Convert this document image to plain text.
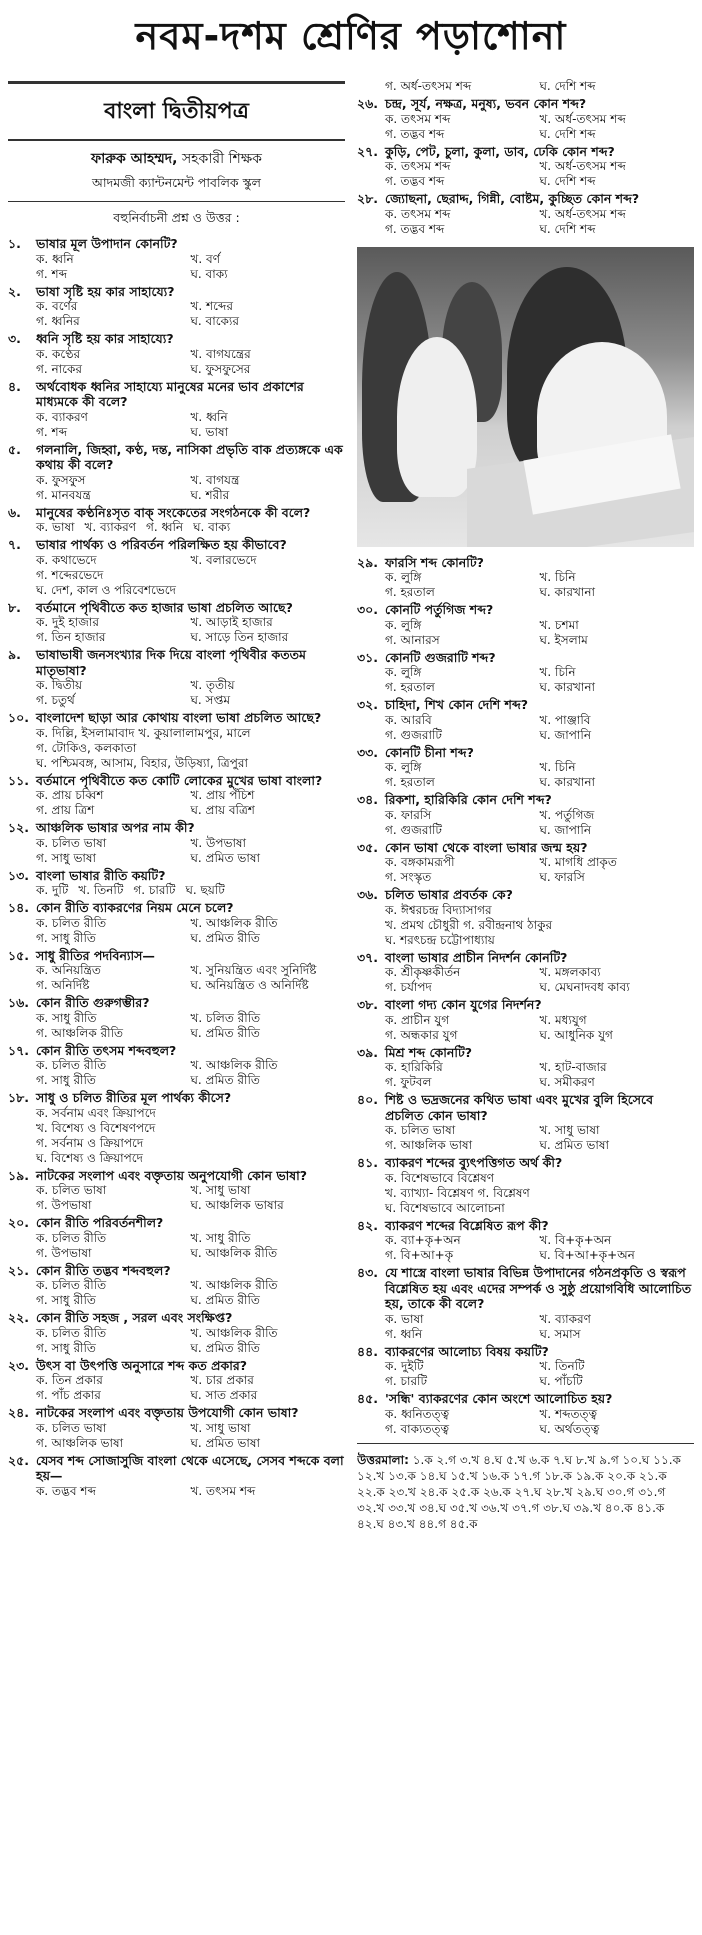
নবম-দশম শ্রেণির পড়াশোনা
বাংলা দ্বিতীয়পত্র
ফারুক আহম্মদ, সহকারী শিক্ষক
আদমজী ক্যান্টনমেন্ট পাবলিক স্কুল
বহুনির্বাচনী প্রশ্ন ও উত্তর :
১.	ভাষার মূল উপাদান কোনটি?
ক. ধ্বনি	খ. বর্ণ
গ. শব্দ	ঘ. বাক্য
২.	ভাষা সৃষ্টি হয় কার সাহায্যে?
ক. বর্ণের	খ. শব্দের
গ. ধ্বনির	ঘ. বাক্যের
৩.	ধ্বনি সৃষ্টি হয় কার সাহায্যে?
ক. কণ্ঠের	খ. বাগযন্ত্রের
গ. নাকের	ঘ. ফুসফুসের
৪.	অর্থবোধক ধ্বনির সাহায্যে মানুষের মনের ভাব প্রকাশের মাধ্যমকে কী বলে?
ক. ব্যাকরণ	খ. ধ্বনি
গ. শব্দ	ঘ. ভাষা
৫.	গলনালি, জিহ্বা, কণ্ঠ, দন্ত, নাসিকা প্রভৃতি বাক প্রত্যঙ্গকে এক কথায় কী বলে?
ক. ফুসফুস	খ. বাগযন্ত্র
গ. মানবযন্ত্র	ঘ. শরীর
৬.	মানুষের কণ্ঠনিঃসৃত বাক্ সংকেতের সংগঠনকে কী বলে?
ক. ভাষা খ. ব্যাকরণ গ. ধ্বনি ঘ. বাক্য
৭.	ভাষার পার্থক্য ও পরিবর্তন পরিলক্ষিত হয় কীভাবে?
ক. কথাভেদে	খ. বলারভেদে
গ. শব্দেরভেদে
ঘ. দেশ, কাল ও পরিবেশভেদে
৮.	বর্তমানে পৃথিবীতে কত হাজার ভাষা প্রচলিত আছে?
ক. দুই হাজার	খ. আড়াই হাজার
গ. তিন হাজার	ঘ. সাড়ে তিন হাজার
৯.	ভাষাভাষী জনসংখ্যার দিক দিয়ে বাংলা পৃথিবীর কততম মাতৃভাষা?
ক. দ্বিতীয়	খ. তৃতীয়
গ. চতুর্থ	ঘ. সপ্তম
১০. বাংলাদেশ ছাড়া আর কোথায় বাংলা ভাষা প্রচলিত আছে?
ক. দিল্লি, ইসলামাবাদ খ. কুয়ালালামপুর, মালে
গ. টোকিও, কলকাতা
ঘ. পশ্চিমবঙ্গ, আসাম, বিহার, উড়িষ্যা, ত্রিপুরা
১১. বর্তমানে পৃথিবীতে কত কোটি লোকের মুখের ভাষা বাংলা?
ক. প্রায় চব্বিশ	খ. প্রায় পঁচিশ
গ. প্রায় ত্রিশ	ঘ. প্রায় বত্রিশ
১২. আঞ্চলিক ভাষার অপর নাম কী?
ক. চলিত ভাষা	খ. উপভাষা
গ. সাধু ভাষা	ঘ. প্রমিত ভাষা
১৩. বাংলা ভাষার রীতি কয়টি?
ক. দুটি খ. তিনটি গ. চারটি ঘ. ছয়টি
১৪. কোন রীতি ব্যাকরণের নিয়ম মেনে চলে?
ক. চলিত রীতি	খ. আঞ্চলিক রীতি
গ. সাধু রীতি	ঘ. প্রমিত রীতি
১৫. সাধু রীতির পদবিন্যাস—
ক. অনিয়ন্ত্রিত	খ. সুনিয়ন্ত্রিত এবং সুনির্দিষ্ট
গ. অনির্দিষ্ট	ঘ. অনিয়ন্ত্রিত ও অনির্দিষ্ট
১৬. কোন রীতি গুরুগম্ভীর?
ক. সাধু রীতি	খ. চলিত রীতি
গ. আঞ্চলিক রীতি	ঘ. প্রমিত রীতি
১৭. কোন রীতি তৎসম শব্দবহুল?
ক. চলিত রীতি	খ. আঞ্চলিক রীতি
গ. সাধু রীতি	ঘ. প্রমিত রীতি
১৮. সাধু ও চলিত রীতির মূল পার্থক্য কীসে?
ক. সর্বনাম এবং ক্রিয়াপদে
খ. বিশেষ্য ও বিশেষণপদে
গ. সর্বনাম ও ক্রিয়াপদে
ঘ. বিশেষ্য ও ক্রিয়াপদে
১৯. নাটকের সংলাপ এবং বক্তৃতায় অনুপযোগী কোন ভাষা?
ক. চলিত ভাষা	খ. সাধু ভাষা
গ. উপভাষা	ঘ. আঞ্চলিক ভাষার
২০. কোন রীতি পরিবর্তনশীল?
ক. চলিত রীতি	খ. সাধু রীতি
গ. উপভাষা	ঘ. আঞ্চলিক রীতি
২১. কোন রীতি তদ্ভব শব্দবহুল?
ক. চলিত রীতি	খ. আঞ্চলিক রীতি
গ. সাধু রীতি	ঘ. প্রমিত রীতি
২২. কোন রীতি সহজ , সরল এবং সংক্ষিপ্ত?
ক. চলিত রীতি	খ. আঞ্চলিক রীতি
গ. সাধু রীতি	ঘ. প্রমিত রীতি
২৩. উৎস বা উৎপত্তি অনুসারে শব্দ কত প্রকার?
ক. তিন প্রকার	খ. চার প্রকার
গ. পাঁচ প্রকার	ঘ. সাত প্রকার
২৪. নাটকের সংলাপ এবং বক্তৃতায় উপযোগী কোন ভাষা?
ক. চলিত ভাষা	খ. সাধু ভাষা
গ. আঞ্চলিক ভাষা	ঘ. প্রমিত ভাষা
২৫. যেসব শব্দ সোজাসুজি বাংলা থেকে এসেছে, সেসব শব্দকে বলা হয়—
ক. তদ্ভব শব্দ	খ. তৎসম শব্দ
গ. অর্ধ-তৎসম শব্দ	ঘ. দেশি শব্দ
২৬. চন্দ্র, সূর্য, নক্ষত্র, মনুষ্য, ভবন কোন শব্দ?
ক. তৎসম শব্দ	খ. অর্ধ-তৎসম শব্দ
গ. তদ্ভব শব্দ	ঘ. দেশি শব্দ
২৭. কুড়ি, পেট, চুলা, কুলা, ডাব, ঢেকি কোন শব্দ?
ক. তৎসম শব্দ	খ. অর্ধ-তৎসম শব্দ
গ. তদ্ভব শব্দ	ঘ. দেশি শব্দ
২৮. জ্যোছনা, ছেরাদ্দ, গিন্নী, বোষ্টম, কুচ্ছিত কোন শব্দ?
ক. তৎসম শব্দ	খ. অর্ধ-তৎসম শব্দ
গ. তদ্ভব শব্দ	ঘ. দেশি শব্দ
২৯. ফারসি শব্দ কোনটি?
ক. লুঙ্গি	খ. চিনি
গ. হরতাল	ঘ. কারখানা
৩০. কোনটি পর্তুগিজ শব্দ?
ক. লুঙ্গি	খ. চশমা
গ. আনারস	ঘ. ইসলাম
৩১. কোনটি গুজরাটি শব্দ?
ক. লুঙ্গি	খ. চিনি
গ. হরতাল	ঘ. কারখানা
৩২. চাহিদা, শিখ কোন দেশি শব্দ?
ক. আরবি	খ. পাঞ্জাবি
গ. গুজরাটি	ঘ. জাপানি
৩৩. কোনটি চীনা শব্দ?
ক. লুঙ্গি	খ. চিনি
গ. হরতাল	ঘ. কারখানা
৩৪. রিকশা, হারিকিরি কোন দেশি শব্দ?
ক. ফারসি	খ. পর্তুগিজ
গ. গুজরাটি	ঘ. জাপানি
৩৫. কোন ভাষা থেকে বাংলা ভাষার জন্ম হয়?
ক. বঙ্গকামরূপী	খ. মাগধি প্রাকৃত
গ. সংস্কৃত	ঘ. ফারসি
৩৬. চলিত ভাষার প্রবর্তক কে?
ক. ঈশ্বরচন্দ্র বিদ্যাসাগর
খ. প্রমথ চৌধুরী গ. রবীন্দ্রনাথ ঠাকুর
ঘ. শরৎচন্দ্র চট্টোপাধ্যায়
৩৭. বাংলা ভাষার প্রাচীন নিদর্শন কোনটি?
ক. শ্রীকৃষ্ণকীর্তন	খ. মঙ্গলকাব্য
গ. চর্যাপদ	ঘ. মেঘনাদবধ কাব্য
৩৮. বাংলা গদ্য কোন যুগের নিদর্শন?
ক. প্রাচীন যুগ	খ. মধ্যযুগ
গ. অন্ধকার যুগ	ঘ. আধুনিক যুগ
৩৯. মিশ্র শব্দ কোনটি?
ক. হারিকিরি	খ. হাট-বাজার
গ. ফুটবল	ঘ. সমীকরণ
৪০. শিষ্ট ও ভদ্রজনের কথিত ভাষা এবং মুখের বুলি হিসেবে প্রচলিত কোন ভাষা?
ক. চলিত ভাষা	খ. সাধু ভাষা
গ. আঞ্চলিক ভাষা	ঘ. প্রমিত ভাষা
৪১. ব্যাকরণ শব্দের ব্যুৎপত্তিগত অর্থ কী?
ক. বিশেষভাবে বিশ্লেষণ
খ. ব্যাখ্যা- বিশ্লেষণ গ. বিশ্লেষণ
ঘ. বিশেষভাবে আলোচনা
৪২. ব্যাকরণ শব্দের বিশ্লেষিত রূপ কী?
ক. ব্যা+কৃ+অন	খ. বি+কৃ+অন
গ. বি+আ+কৃ	ঘ. বি+আ+কৃ+অন
৪৩. যে শাস্ত্রে বাংলা ভাষার বিভিন্ন উপাদানের গঠনপ্রকৃতি ও স্বরূপ বিশ্লেষিত হয় এবং এদের সম্পর্ক ও সুষ্ঠু প্রয়োগবিধি আলোচিত হয়, তাকে কী বলে?
ক. ভাষা	খ. ব্যাকরণ
গ. ধ্বনি	ঘ. সমাস
৪৪. ব্যাকরণের আলোচ্য বিষয় কয়টি?
ক. দুইটি	খ. তিনটি
গ. চারটি	ঘ. পাঁচটি
৪৫. 'সন্ধি' ব্যাকরণের কোন অংশে আলোচিত হয়?
ক. ধ্বনিতত্ত্ব	খ. শব্দতত্ত্ব
গ. বাক্যতত্ত্ব	ঘ. অর্থতত্ত্ব
উত্তরমালা: ১.ক ২.গ ৩.খ ৪.ঘ ৫.খ ৬.ক ৭.ঘ ৮.খ ৯.গ ১০.ঘ ১১.ক ১২.খ ১৩.ক ১৪.ঘ ১৫.খ ১৬.ক ১৭.গ ১৮.ক ১৯.ক ২০.ক ২১.ক ২২.ক ২৩.খ ২৪.ক ২৫.ক ২৬.ক ২৭.ঘ ২৮.খ ২৯.ঘ ৩০.গ ৩১.গ ৩২.খ ৩৩.খ ৩৪.ঘ ৩৫.খ ৩৬.খ ৩৭.গ ৩৮.ঘ ৩৯.খ ৪০.ক ৪১.ক ৪২.ঘ ৪৩.খ ৪৪.গ ৪৫.ক
